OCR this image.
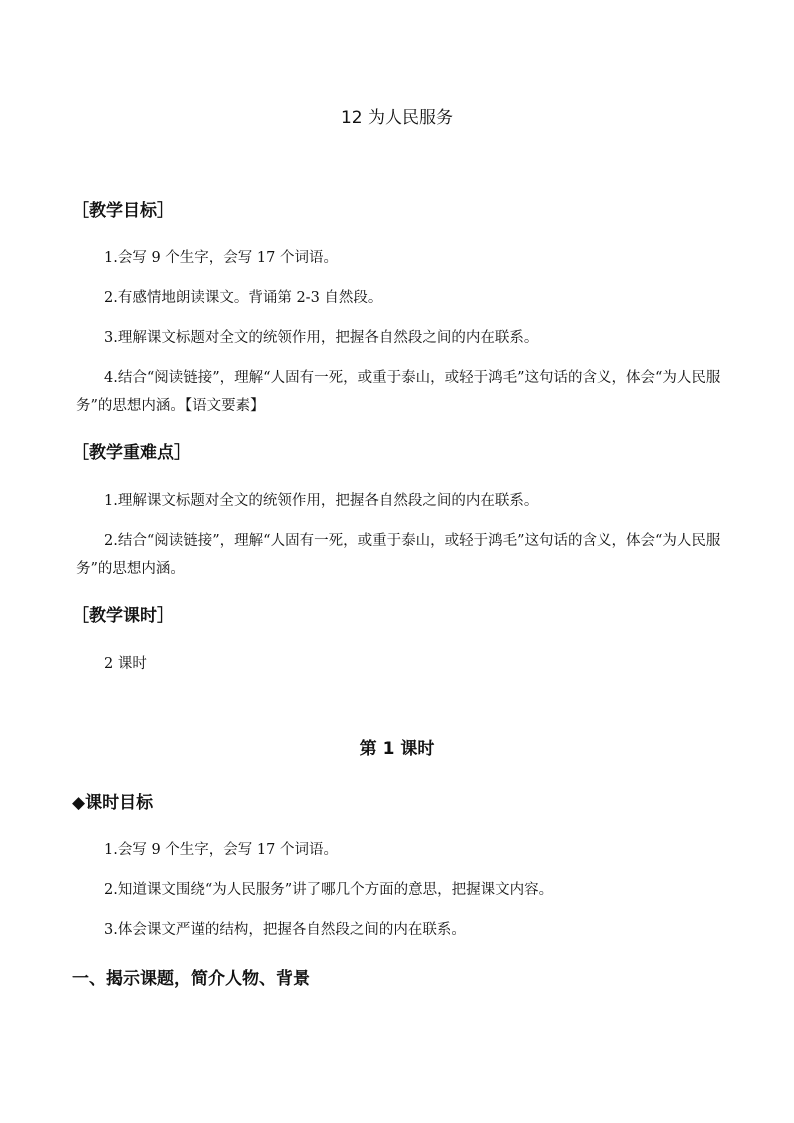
12 为人民服务
［教学目标］

1.会写 9 个生字，会写 17 个词语。

2.有感情地朗读课文。背诵第 2-3 自然段。

3.理解课文标题对全文的统领作用，把握各自然段之间的内在联系。

4.结合“阅读链接”，理解“人固有一死，或重于泰山，或轻于鸿毛”这句话的含义，体会“为人民服务”的思想内涵。【语文要素】

［教学重难点］

1.理解课文标题对全文的统领作用，把握各自然段之间的内在联系。

2.结合“阅读链接”，理解“人固有一死，或重于泰山，或轻于鸿毛”这句话的含义，体会“为人民服务”的思想内涵。

［教学课时］

2 课时

第 1 课时
◆课时目标

1.会写 9 个生字，会写 17 个词语。

2.知道课文围绕“为人民服务”讲了哪几个方面的意思，把握课文内容。

3.体会课文严谨的结构，把握各自然段之间的内在联系。

一、揭示课题，简介人物、背景
